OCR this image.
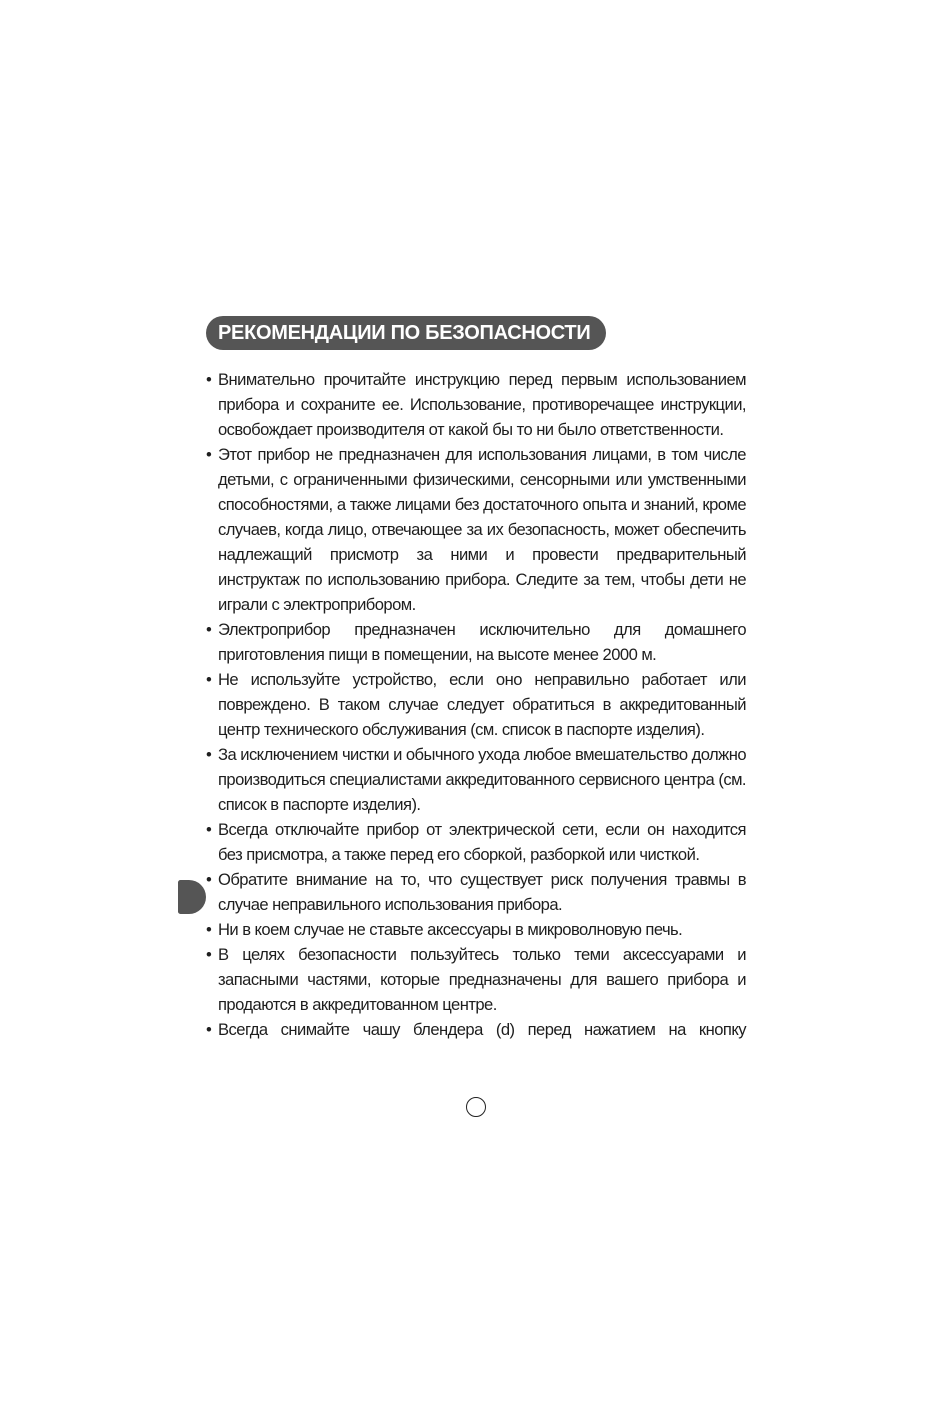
РЕКОМЕНДАЦИИ ПО БЕЗОПАСНОСТИ
• Внимательно прочитайте инструкцию перед первым использованием прибора и сохраните ее. Использование, противоречащее инструкции, освобождает производителя от какой бы то ни было ответственности.
• Этот прибор не предназначен для использования лицами, в том числе детьми, с ограниченными физическими, сенсорными или умственными способностями, а также лицами без достаточного опыта и знаний, кроме случаев, когда лицо, отвечающее за их безопасность, может обеспечить надлежащий присмотр за ними и провести предварительный инструктаж по использованию прибора. Следите за тем, чтобы дети не играли с электроприбором.
• Электроприбор предназначен исключительно для домашнего приготовления пищи в помещении, на высоте менее 2000 м.
• Не используйте устройство, если оно неправильно работает или повреждено. В таком случае следует обратиться в аккредитованный центр технического обслуживания (см. список в паспорте изделия).
• За исключением чистки и обычного ухода любое вмешательство должно производиться специалистами аккредитованного сервисного центра (см. список в паспорте изделия).
• Всегда отключайте прибор от электрической сети, если он находится без присмотра, а также перед его сборкой, разборкой или чисткой.
• Обратите внимание на то, что существует риск получения травмы в случае неправильного использования прибора.
• Ни в коем случае не ставьте аксессуары в микроволновую печь.
• В целях безопасности пользуйтесь только теми аксессуарами и запасными частями, которые предназначены для вашего прибора и продаются в аккредитованном центре.
• Всегда снимайте чашу блендера (d) перед нажатием на кнопку
